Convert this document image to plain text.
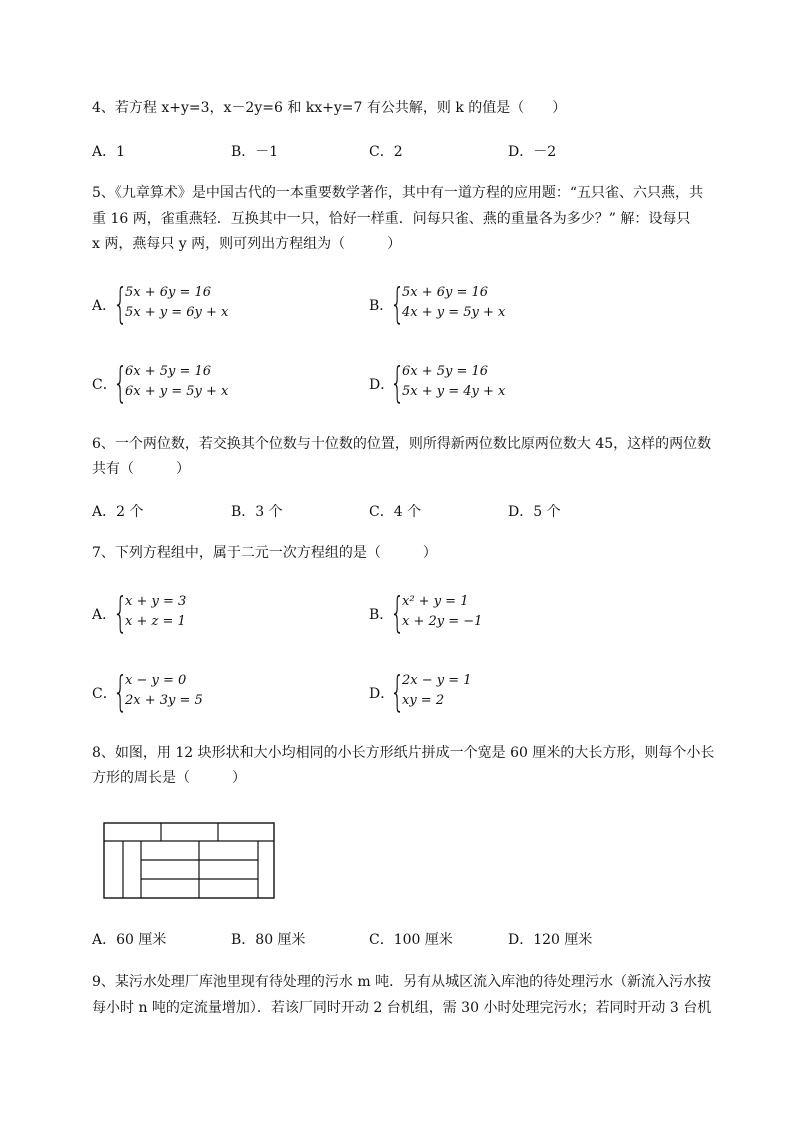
4、若方程 x+y=3，x－2y=6 和 kx+y=7 有公共解，则 k 的值是（　　）
A．1	B．－1	C．2	D．－2
5、《九章算术》是中国古代的一本重要数学著作，其中有一道方程的应用题：“五只雀、六只燕，共
重 16 两，雀重燕轻．互换其中一只，恰好一样重．问每只雀、燕的重量各为多少？” 解：设每只
x 两，燕每只 y 两，则可列出方程组为（　　　）
A．
{
5x + 6y = 16
5x + y = 6y + x	B．
{
5x + 6y = 16
4x + y = 5y + x
C．
{
6x + 5y = 16
6x + y = 5y + x	D．
{
6x + 5y = 16
5x + y = 4y + x
6、一个两位数，若交换其个位数与十位数的位置，则所得新两位数比原两位数大 45，这样的两位数
共有（　　　）
A．2 个	B．3 个	C．4 个	D．5 个
7、下列方程组中，属于二元一次方程组的是（　　　）
A．
{
x + y = 3
x + z = 1	B．
{
x² + y = 1
x + 2y = −1
C．
{
x − y = 0
2x + 3y = 5	D．
{
2x − y = 1
xy = 2
8、如图，用 12 块形状和大小均相同的小长方形纸片拼成一个宽是 60 厘米的大长方形，则每个小长
方形的周长是（　　　）
A．60 厘米	B．80 厘米	C．100 厘米	D．120 厘米
9、某污水处理厂库池里现有待处理的污水 m 吨．另有从城区流入库池的待处理污水（新流入污水按
每小时 n 吨的定流量增加）．若该厂同时开动 2 台机组，需 30 小时处理完污水；若同时开动 3 台机
